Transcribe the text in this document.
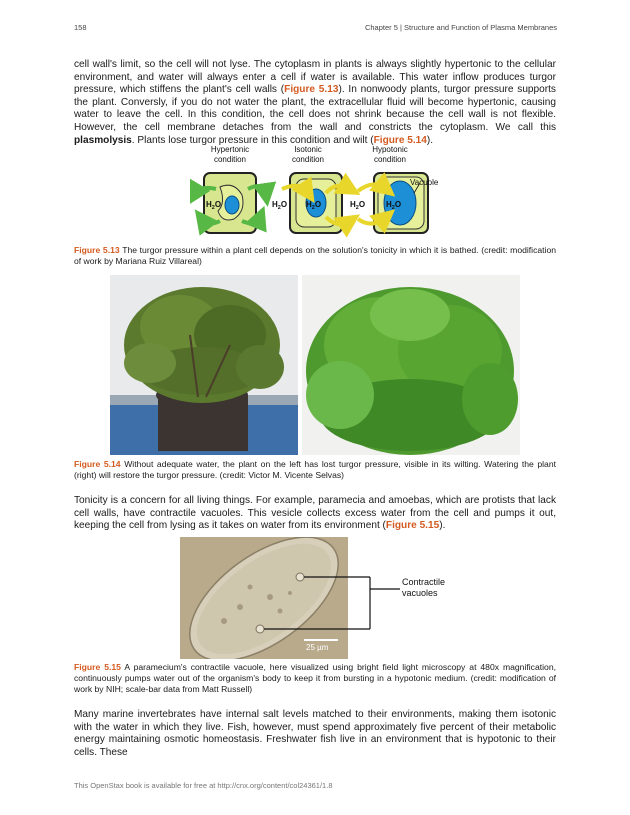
158	Chapter 5 | Structure and Function of Plasma Membranes

cell wall's limit, so the cell will not lyse. The cytoplasm in plants is always slightly hypertonic to the cellular environment, and water will always enter a cell if water is available. This water inflow produces turgor pressure, which stiffens the plant's cell walls (Figure 5.13). In nonwoody plants, turgor pressure supports the plant. Conversly, if you do not water the plant, the extracellular fluid will become hypertonic, causing water to leave the cell. In this condition, the cell does not shrink because the cell wall is not flexible. However, the cell membrane detaches from the wall and constricts the cytoplasm. We call this plasmolysis. Plants lose turgor pressure in this condition and wilt (Figure 5.14).

Hypertonic
condition
Isotonic
condition
Hypotonic
condition
$H_2O$	$H_2O$ $H_2O$	$H_2O$	$H_2O$
Vacuole

Figure 5.13 The turgor pressure within a plant cell depends on the solution's tonicity in which it is bathed. (credit: modification of work by Mariana Ruiz Villareal)

Figure 5.14 Without adequate water, the plant on the left has lost turgor pressure, visible in its wilting. Watering the plant (right) will restore the turgor pressure. (credit: Victor M. Vicente Selvas)

Tonicity is a concern for all living things. For example, paramecia and amoebas, which are protists that lack cell walls, have contractile vacuoles. This vesicle collects excess water from the cell and pumps it out, keeping the cell from lysing as it takes on water from its environment (Figure 5.15).

Contractile
vacuoles
25 µm

Figure 5.15 A paramecium's contractile vacuole, here visualized using bright field light microscopy at 480x magnification, continuously pumps water out of the organism's body to keep it from bursting in a hypotonic medium. (credit: modification of work by NIH; scale-bar data from Matt Russell)

Many marine invertebrates have internal salt levels matched to their environments, making them isotonic with the water in which they live. Fish, however, must spend approximately five percent of their metabolic energy maintaining osmotic homeostasis. Freshwater fish live in an environment that is hypotonic to their cells. These

This OpenStax book is available for free at http://cnx.org/content/col24361/1.8
